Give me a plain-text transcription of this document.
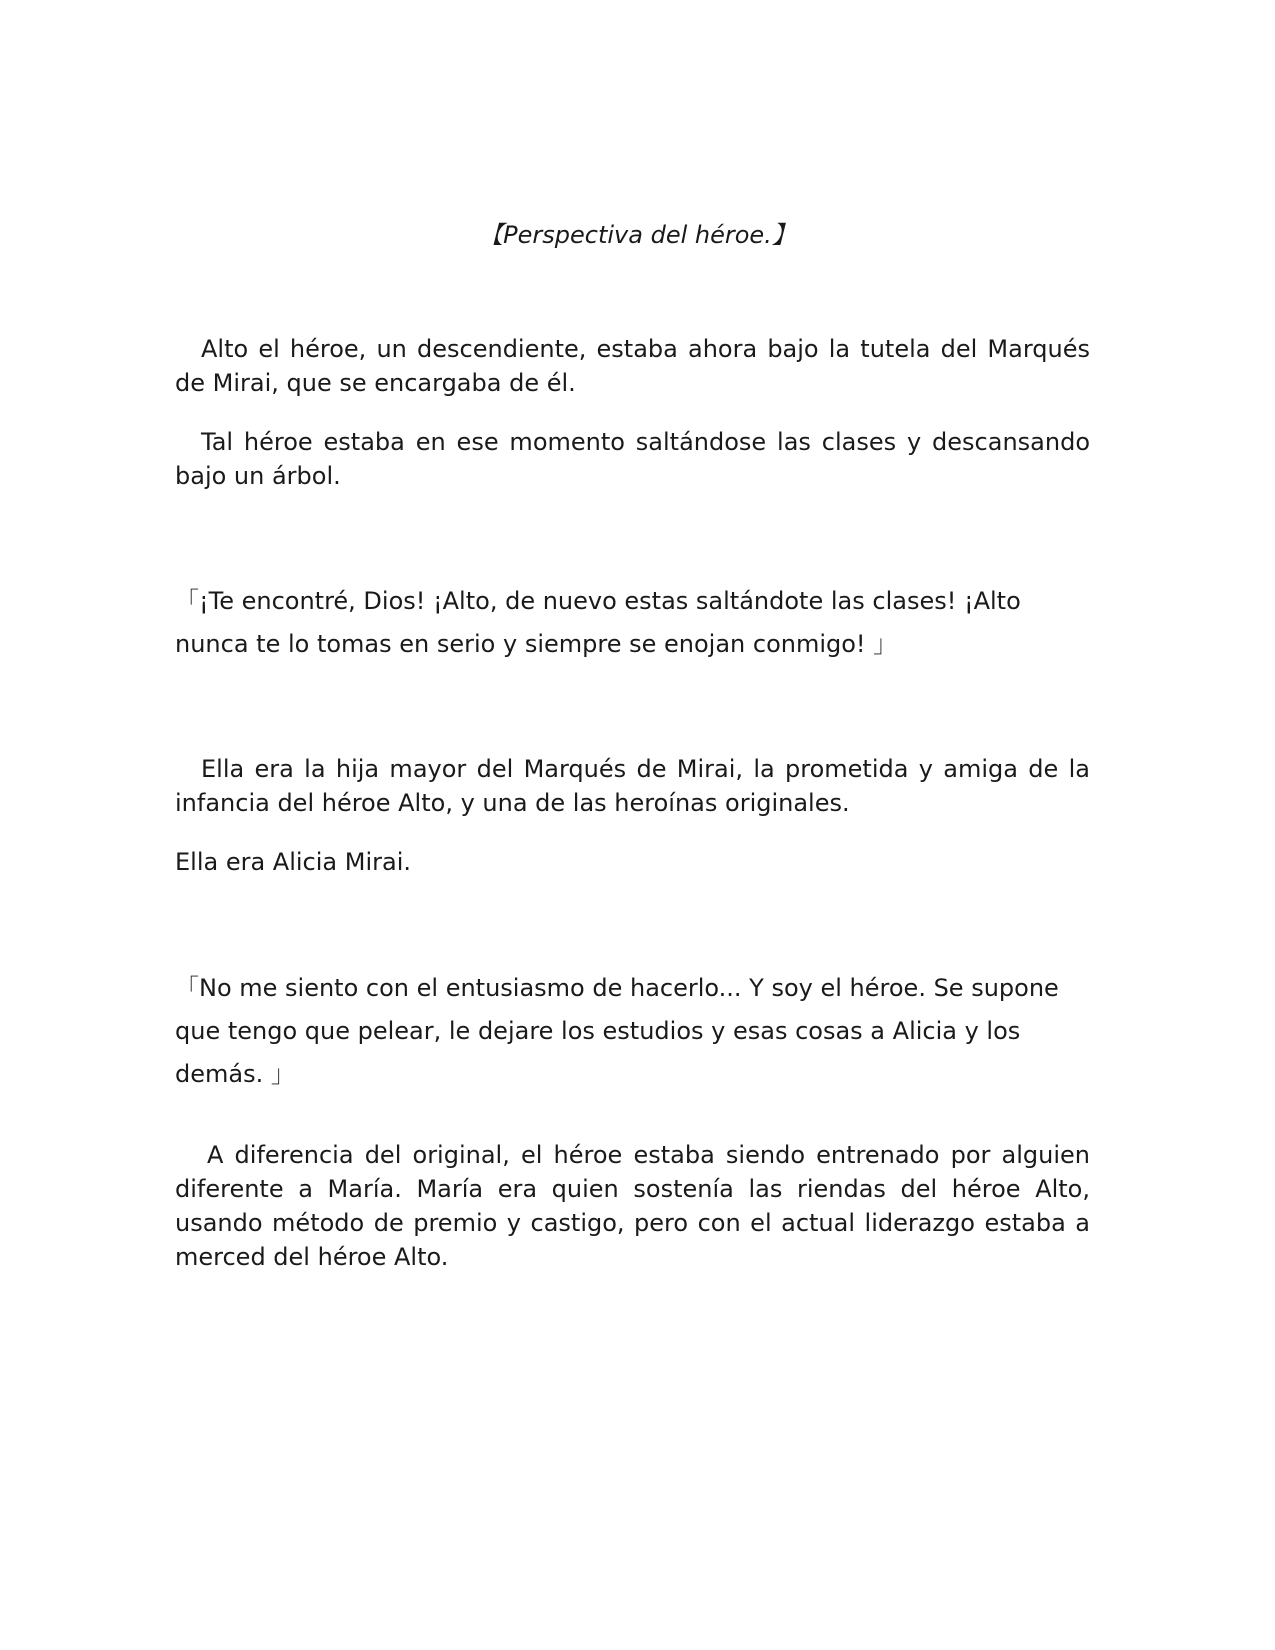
【Perspectiva del héroe.】

Alto el héroe, un descendiente, estaba ahora bajo la tutela del Marqués de Mirai, que se encargaba de él.

Tal héroe estaba en ese momento saltándose las clases y descansando bajo un árbol.

「¡Te encontré, Dios! ¡Alto, de nuevo estas saltándote las clases! ¡Alto nunca te lo tomas en serio y siempre se enojan conmigo! 」

Ella era la hija mayor del Marqués de Mirai, la prometida y amiga de la infancia del héroe Alto, y una de las heroínas originales.

Ella era Alicia Mirai.

「No me siento con el entusiasmo de hacerlo... Y soy el héroe. Se supone que tengo que pelear, le dejare los estudios y esas cosas a Alicia y los demás. 」

A diferencia del original, el héroe estaba siendo entrenado por alguien diferente a María. María era quien sostenía las riendas del héroe Alto, usando método de premio y castigo, pero con el actual liderazgo estaba a merced del héroe Alto.
